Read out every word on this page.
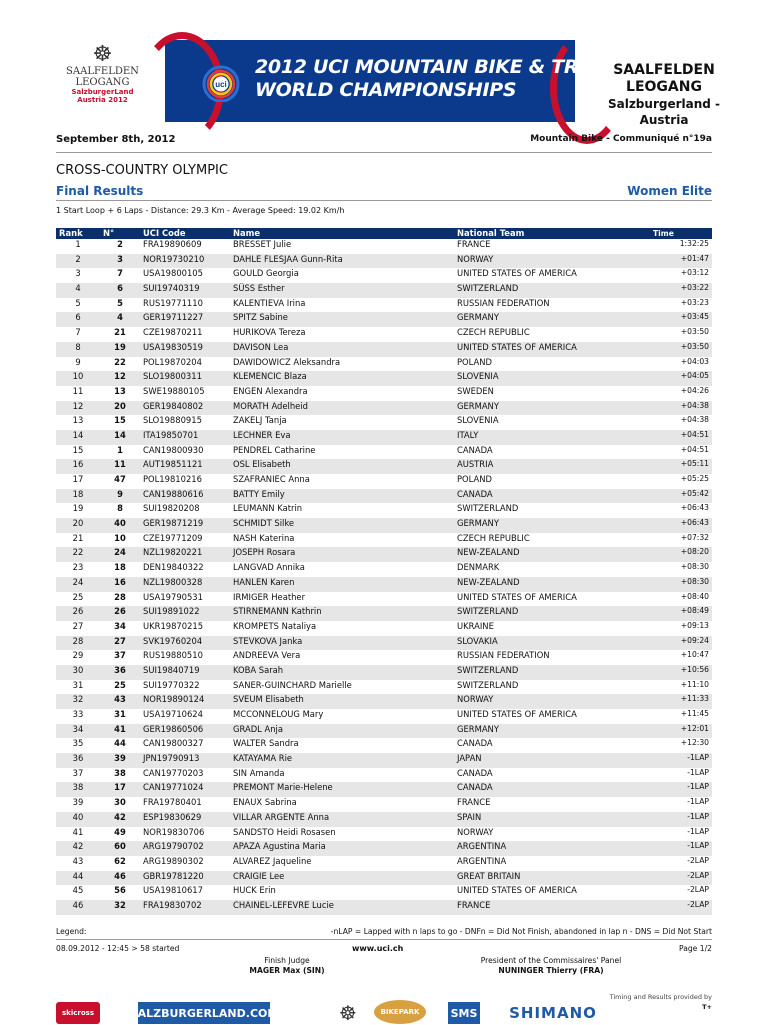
☸
SAALFELDEN
LEOGANG
SalzburgerLand
Austria 2012
uci
2012 UCI MOUNTAIN BIKE & TRIALS
WORLD CHAMPIONSHIPS
SAALFELDEN LEOGANG
Salzburgerland - Austria
September 8th, 2012	Mountain Bike - Communiqué n°19a
CROSS-COUNTRY OLYMPIC
Final Results	Women Elite
1 Start Loop + 6 Laps - Distance: 29.3 Km - Average Speed: 19.02 Km/h
Rank	N°	UCI Code	Name	National Team	Time
1	2	FRA19890609	BRESSET Julie	FRANCE	1:32:25
2	3	NOR19730210	DAHLE FLESJAA Gunn-Rita	NORWAY	+01:47
3	7	USA19800105	GOULD Georgia	UNITED STATES OF AMERICA	+03:12
4	6	SUI19740319	SÜSS Esther	SWITZERLAND	+03:22
5	5	RUS19771110	KALENTIEVA Irina	RUSSIAN FEDERATION	+03:23
6	4	GER19711227	SPITZ Sabine	GERMANY	+03:45
7	21	CZE19870211	HURIKOVA Tereza	CZECH REPUBLIC	+03:50
8	19	USA19830519	DAVISON Lea	UNITED STATES OF AMERICA	+03:50
9	22	POL19870204	DAWIDOWICZ Aleksandra	POLAND	+04:03
10	12	SLO19800311	KLEMENCIC Blaza	SLOVENIA	+04:05
11	13	SWE19880105	ENGEN Alexandra	SWEDEN	+04:26
12	20	GER19840802	MORATH Adelheid	GERMANY	+04:38
13	15	SLO19880915	ZAKELJ Tanja	SLOVENIA	+04:38
14	14	ITA19850701	LECHNER Eva	ITALY	+04:51
15	1	CAN19800930	PENDREL Catharine	CANADA	+04:51
16	11	AUT19851121	OSL Elisabeth	AUSTRIA	+05:11
17	47	POL19810216	SZAFRANIEC Anna	POLAND	+05:25
18	9	CAN19880616	BATTY Emily	CANADA	+05:42
19	8	SUI19820208	LEUMANN Katrin	SWITZERLAND	+06:43
20	40	GER19871219	SCHMIDT Silke	GERMANY	+06:43
21	10	CZE19771209	NASH Katerina	CZECH REPUBLIC	+07:32
22	24	NZL19820221	JOSEPH Rosara	NEW-ZEALAND	+08:20
23	18	DEN19840322	LANGVAD Annika	DENMARK	+08:30
24	16	NZL19800328	HANLEN Karen	NEW-ZEALAND	+08:30
25	28	USA19790531	IRMIGER Heather	UNITED STATES OF AMERICA	+08:40
26	26	SUI19891022	STIRNEMANN Kathrin	SWITZERLAND	+08:49
27	34	UKR19870215	KROMPETS Nataliya	UKRAINE	+09:13
28	27	SVK19760204	STEVKOVA Janka	SLOVAKIA	+09:24
29	37	RUS19880510	ANDREEVA Vera	RUSSIAN FEDERATION	+10:47
30	36	SUI19840719	KOBA Sarah	SWITZERLAND	+10:56
31	25	SUI19770322	SANER-GUINCHARD Marielle	SWITZERLAND	+11:10
32	43	NOR19890124	SVEUM Elisabeth	NORWAY	+11:33
33	31	USA19710624	MCCONNELOUG Mary	UNITED STATES OF AMERICA	+11:45
34	41	GER19860506	GRADL Anja	GERMANY	+12:01
35	44	CAN19800327	WALTER Sandra	CANADA	+12:30
36	39	JPN19790913	KATAYAMA Rie	JAPAN	-1LAP
37	38	CAN19770203	SIN Amanda	CANADA	-1LAP
38	17	CAN19771024	PREMONT Marie-Helene	CANADA	-1LAP
39	30	FRA19780401	ENAUX Sabrina	FRANCE	-1LAP
40	42	ESP19830629	VILLAR ARGENTE Anna	SPAIN	-1LAP
41	49	NOR19830706	SANDSTO Heidi Rosasen	NORWAY	-1LAP
42	60	ARG19790702	APAZA Agustina Maria	ARGENTINA	-1LAP
43	62	ARG19890302	ALVAREZ Jaqueline	ARGENTINA	-2LAP
44	46	GBR19781220	CRAIGIE Lee	GREAT BRITAIN	-2LAP
45	56	USA19810617	HUCK Erin	UNITED STATES OF AMERICA	-2LAP
46	32	FRA19830702	CHAINEL-LEFEVRE Lucie	FRANCE	-2LAP
Legend:	-nLAP = Lapped with n laps to go - DNFn = Did Not Finish, abandoned in lap n - DNS = Did Not Start
08.09.2012 - 12:45 > 58 started	www.uci.ch	Page 1/2
Finish Judge
MAGER Max (SIN)
President of the Commissaires' Panel
NUNINGER Thierry (FRA)
skicross	SALZBURGERLAND.COM	☸	BIKEPARK	SMS	SHIMANO
Timing and Results provided by
T+
